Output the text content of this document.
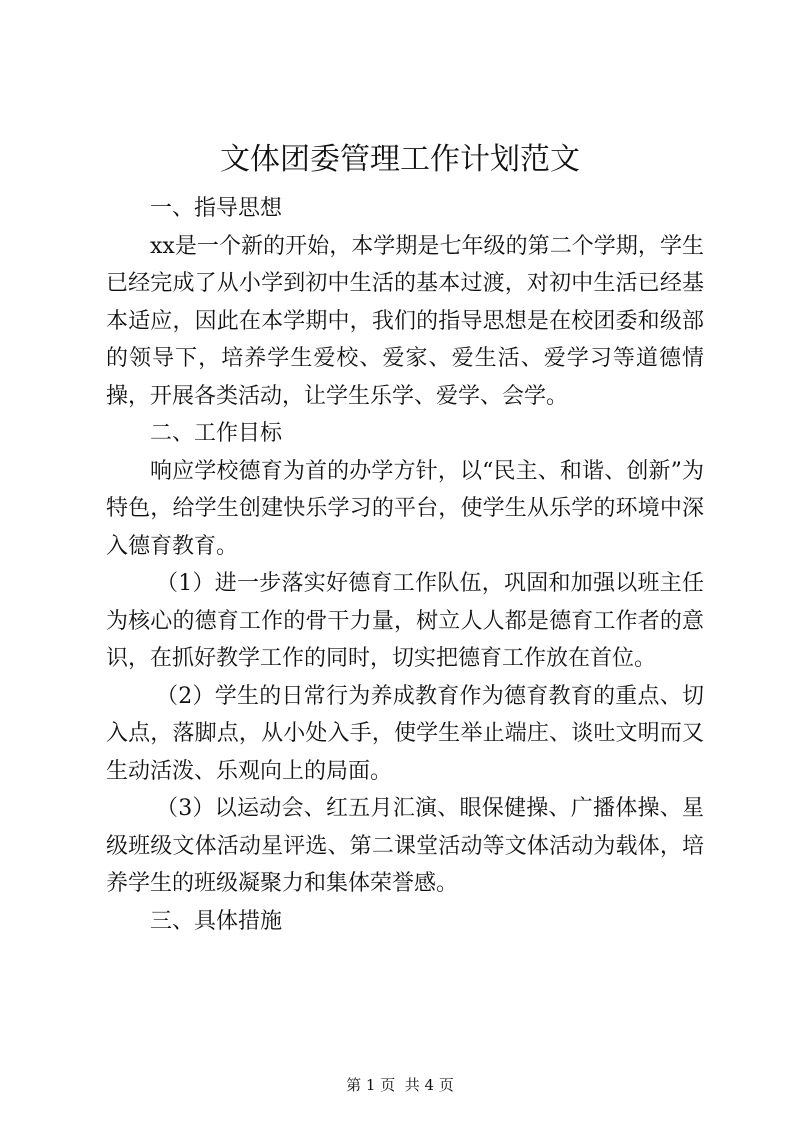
文体团委管理工作计划范文

一、指导思想

xx是一个新的开始，本学期是七年级的第二个学期，学生已经完成了从小学到初中生活的基本过渡，对初中生活已经基本适应，因此在本学期中，我们的指导思想是在校团委和级部的领导下，培养学生爱校、爱家、爱生活、爱学习等道德情操，开展各类活动，让学生乐学、爱学、会学。

二、工作目标

响应学校德育为首的办学方针，以“民主、和谐、创新”为特色，给学生创建快乐学习的平台，使学生从乐学的环境中深入德育教育。

（1）进一步落实好德育工作队伍，巩固和加强以班主任为核心的德育工作的骨干力量，树立人人都是德育工作者的意识，在抓好教学工作的同时，切实把德育工作放在首位。

（2）学生的日常行为养成教育作为德育教育的重点、切入点，落脚点，从小处入手，使学生举止端庄、谈吐文明而又生动活泼、乐观向上的局面。

（3）以运动会、红五月汇演、眼保健操、广播体操、星级班级文体活动星评选、第二课堂活动等文体活动为载体，培养学生的班级凝聚力和集体荣誉感。

三、具体措施

第 1 页  共 4 页
